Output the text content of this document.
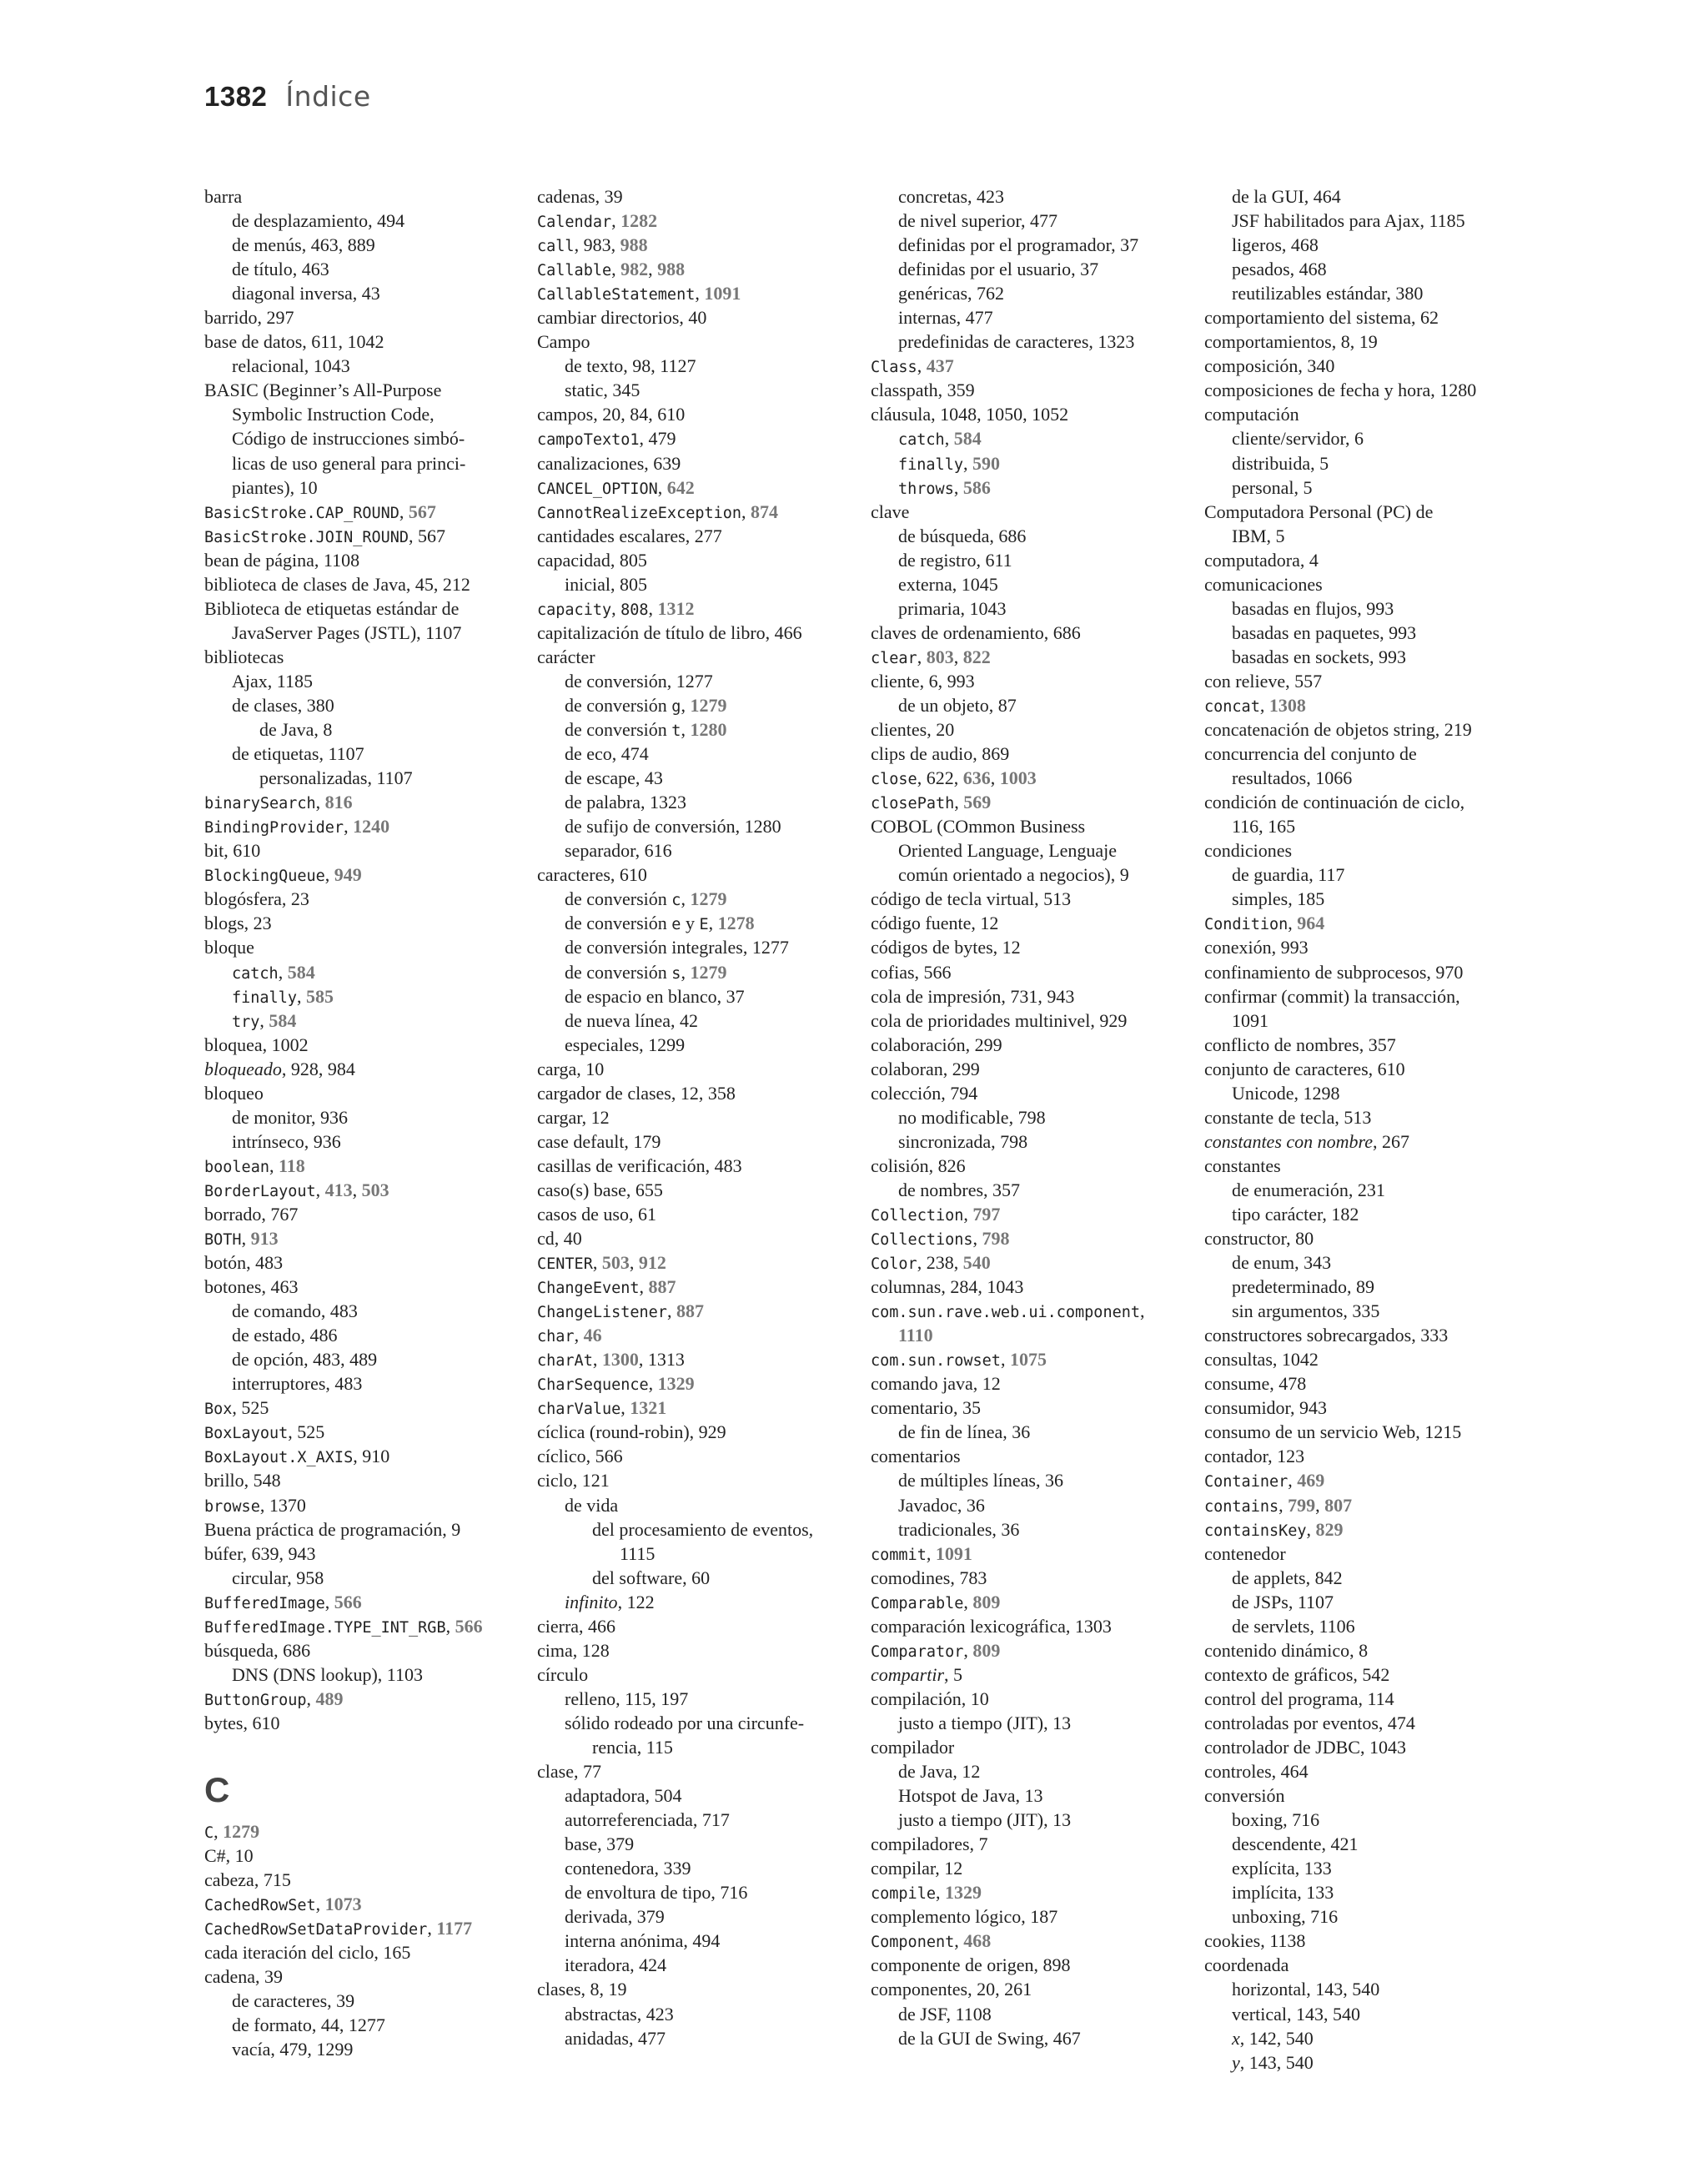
1382 Índice
barra
de desplazamiento, 494
de menús, 463, 889
de título, 463
diagonal inversa, 43
barrido, 297
base de datos, 611, 1042
relacional, 1043
BASIC (Beginner’s All-Purpose
Symbolic Instruction Code,
Código de instrucciones simbó-
licas de uso general para princi-
piantes), 10
BasicStroke.CAP_ROUND, 567
BasicStroke.JOIN_ROUND, 567
bean de página, 1108
biblioteca de clases de Java, 45, 212
Biblioteca de etiquetas estándar de
JavaServer Pages (JSTL), 1107
bibliotecas
Ajax, 1185
de clases, 380
de Java, 8
de etiquetas, 1107
personalizadas, 1107
binarySearch, 816
BindingProvider, 1240
bit, 610
BlockingQueue, 949
blogósfera, 23
blogs, 23
bloque
catch, 584
finally, 585
try, 584
bloquea, 1002
bloqueado, 928, 984
bloqueo
de monitor, 936
intrínseco, 936
boolean, 118
BorderLayout, 413, 503
borrado, 767
BOTH, 913
botón, 483
botones, 463
de comando, 483
de estado, 486
de opción, 483, 489
interruptores, 483
Box, 525
BoxLayout, 525
BoxLayout.X_AXIS, 910
brillo, 548
browse, 1370
Buena práctica de programación, 9
búfer, 639, 943
circular, 958
BufferedImage, 566
BufferedImage.TYPE_INT_RGB, 566
búsqueda, 686
DNS (DNS lookup), 1103
ButtonGroup, 489
bytes, 610
C
C, 1279
C#, 10
cabeza, 715
CachedRowSet, 1073
CachedRowSetDataProvider, 1177
cada iteración del ciclo, 165
cadena, 39
de caracteres, 39
de formato, 44, 1277
vacía, 479, 1299
cadenas, 39
Calendar, 1282
call, 983, 988
Callable, 982, 988
CallableStatement, 1091
cambiar directorios, 40
Campo
de texto, 98, 1127
static, 345
campos, 20, 84, 610
campoTexto1, 479
canalizaciones, 639
CANCEL_OPTION, 642
CannotRealizeException, 874
cantidades escalares, 277
capacidad, 805
inicial, 805
capacity, 808, 1312
capitalización de título de libro, 466
carácter
de conversión, 1277
de conversión g, 1279
de conversión t, 1280
de eco, 474
de escape, 43
de palabra, 1323
de sufijo de conversión, 1280
separador, 616
caracteres, 610
de conversión c, 1279
de conversión e y E, 1278
de conversión integrales, 1277
de conversión s, 1279
de espacio en blanco, 37
de nueva línea, 42
especiales, 1299
carga, 10
cargador de clases, 12, 358
cargar, 12
case default, 179
casillas de verificación, 483
caso(s) base, 655
casos de uso, 61
cd, 40
CENTER, 503, 912
ChangeEvent, 887
ChangeListener, 887
char, 46
charAt, 1300, 1313
CharSequence, 1329
charValue, 1321
cíclica (round-robin), 929
cíclico, 566
ciclo, 121
de vida
del procesamiento de eventos,
1115
del software, 60
infinito, 122
cierra, 466
cima, 128
círculo
relleno, 115, 197
sólido rodeado por una circunfe-
rencia, 115
clase, 77
adaptadora, 504
autorreferenciada, 717
base, 379
contenedora, 339
de envoltura de tipo, 716
derivada, 379
interna anónima, 494
iteradora, 424
clases, 8, 19
abstractas, 423
anidadas, 477
concretas, 423
de nivel superior, 477
definidas por el programador, 37
definidas por el usuario, 37
genéricas, 762
internas, 477
predefinidas de caracteres, 1323
Class, 437
classpath, 359
cláusula, 1048, 1050, 1052
catch, 584
finally, 590
throws, 586
clave
de búsqueda, 686
de registro, 611
externa, 1045
primaria, 1043
claves de ordenamiento, 686
clear, 803, 822
cliente, 6, 993
de un objeto, 87
clientes, 20
clips de audio, 869
close, 622, 636, 1003
closePath, 569
COBOL (COmmon Business
Oriented Language, Lenguaje
común orientado a negocios), 9
código de tecla virtual, 513
código fuente, 12
códigos de bytes, 12
cofias, 566
cola de impresión, 731, 943
cola de prioridades multinivel, 929
colaboración, 299
colaboran, 299
colección, 794
no modificable, 798
sincronizada, 798
colisión, 826
de nombres, 357
Collection, 797
Collections, 798
Color, 238, 540
columnas, 284, 1043
com.sun.rave.web.ui.component,
1110
com.sun.rowset, 1075
comando java, 12
comentario, 35
de fin de línea, 36
comentarios
de múltiples líneas, 36
Javadoc, 36
tradicionales, 36
commit, 1091
comodines, 783
Comparable, 809
comparación lexicográfica, 1303
Comparator, 809
compartir, 5
compilación, 10
justo a tiempo (JIT), 13
compilador
de Java, 12
Hotspot de Java, 13
justo a tiempo (JIT), 13
compiladores, 7
compilar, 12
compile, 1329
complemento lógico, 187
Component, 468
componente de origen, 898
componentes, 20, 261
de JSF, 1108
de la GUI de Swing, 467
de la GUI, 464
JSF habilitados para Ajax, 1185
ligeros, 468
pesados, 468
reutilizables estándar, 380
comportamiento del sistema, 62
comportamientos, 8, 19
composición, 340
composiciones de fecha y hora, 1280
computación
cliente/servidor, 6
distribuida, 5
personal, 5
Computadora Personal (PC) de
IBM, 5
computadora, 4
comunicaciones
basadas en flujos, 993
basadas en paquetes, 993
basadas en sockets, 993
con relieve, 557
concat, 1308
concatenación de objetos string, 219
concurrencia del conjunto de
resultados, 1066
condición de continuación de ciclo,
116, 165
condiciones
de guardia, 117
simples, 185
Condition, 964
conexión, 993
confinamiento de subprocesos, 970
confirmar (commit) la transacción,
1091
conflicto de nombres, 357
conjunto de caracteres, 610
Unicode, 1298
constante de tecla, 513
constantes con nombre, 267
constantes
de enumeración, 231
tipo carácter, 182
constructor, 80
de enum, 343
predeterminado, 89
sin argumentos, 335
constructores sobrecargados, 333
consultas, 1042
consume, 478
consumidor, 943
consumo de un servicio Web, 1215
contador, 123
Container, 469
contains, 799, 807
containsKey, 829
contenedor
de applets, 842
de JSPs, 1107
de servlets, 1106
contenido dinámico, 8
contexto de gráficos, 542
control del programa, 114
controladas por eventos, 474
controlador de JDBC, 1043
controles, 464
conversión
boxing, 716
descendente, 421
explícita, 133
implícita, 133
unboxing, 716
cookies, 1138
coordenada
horizontal, 143, 540
vertical, 143, 540
x, 142, 540
y, 143, 540
